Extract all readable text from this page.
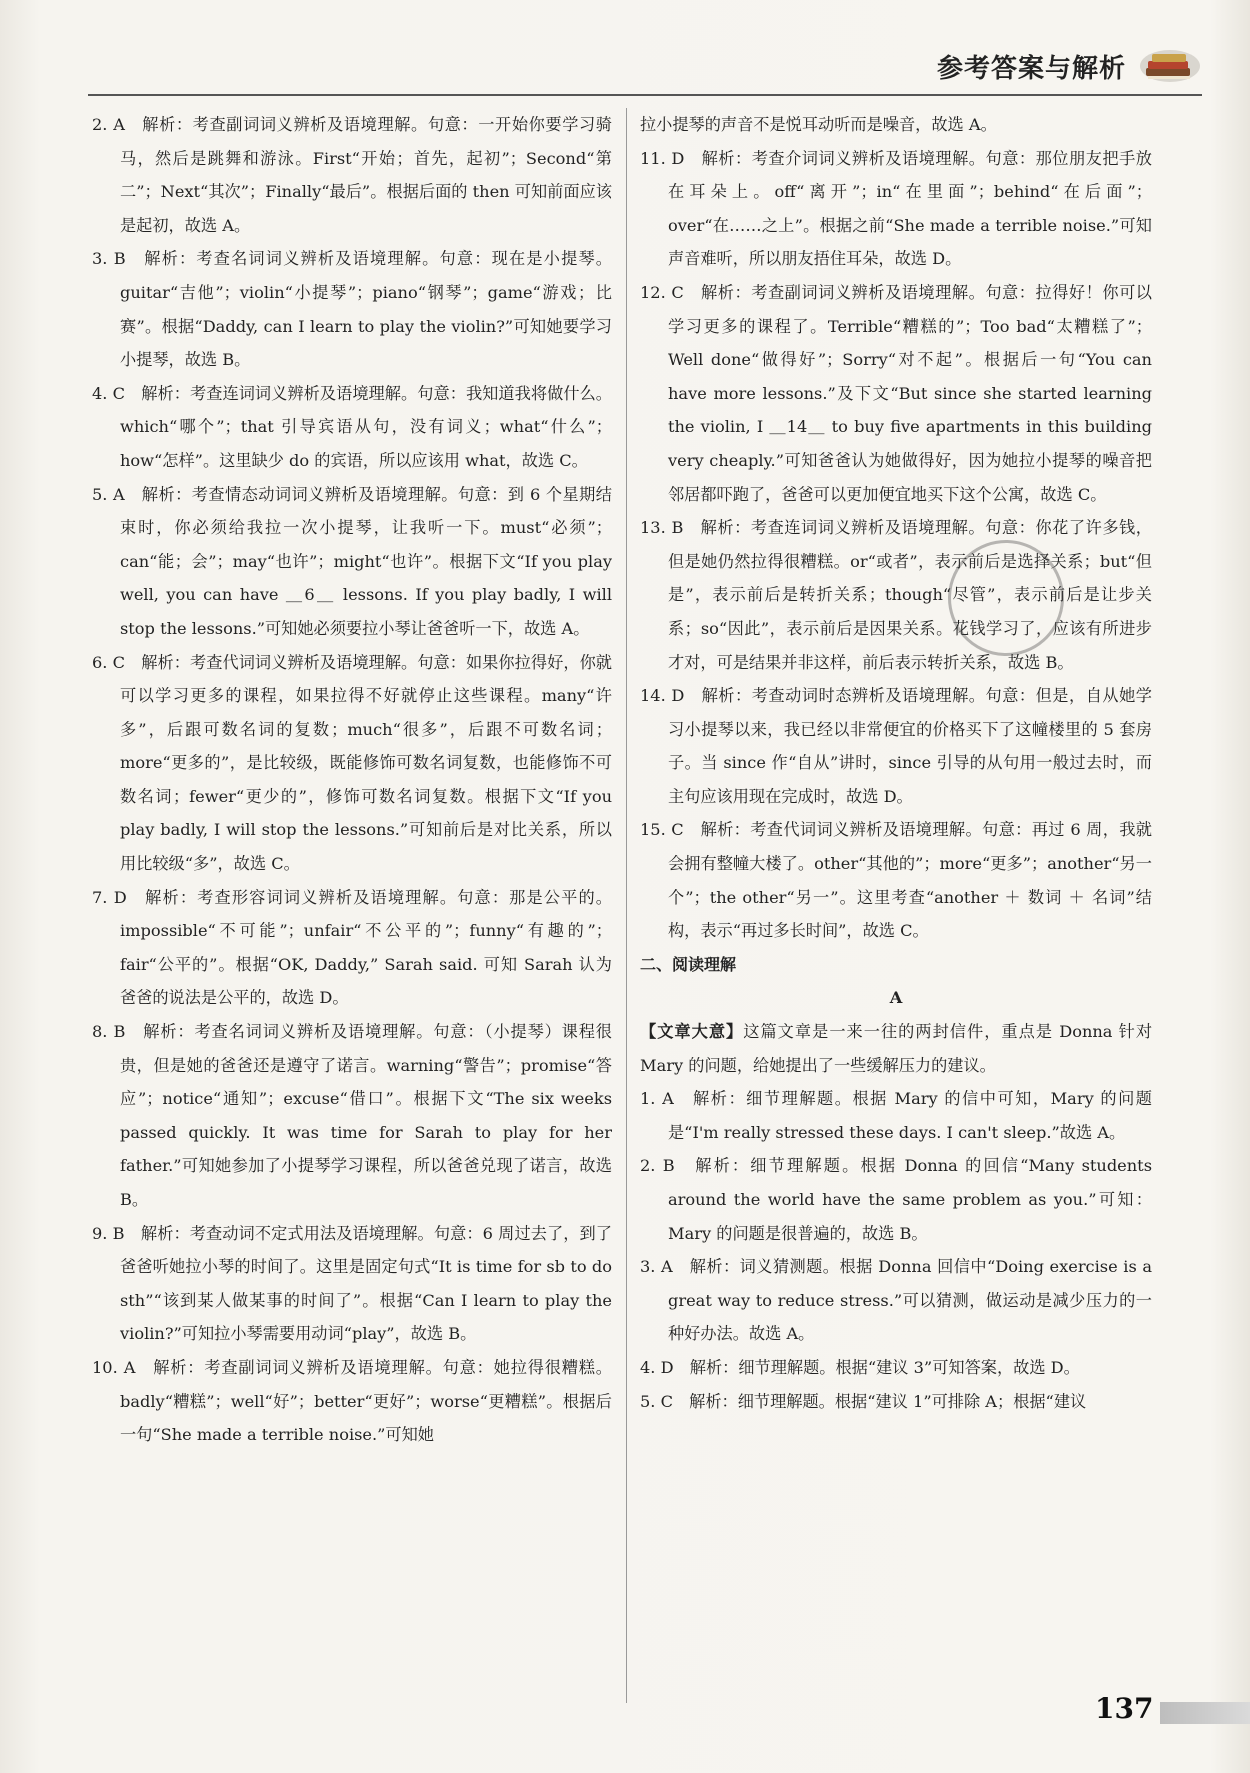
参考答案与解析

2. A　解析：考查副词词义辨析及语境理解。句意：一开始你要学习骑马，然后是跳舞和游泳。First“开始；首先，起初”；Second“第二”；Next“其次”；Finally“最后”。根据后面的 then 可知前面应该是起初，故选 A。

3. B　解析：考查名词词义辨析及语境理解。句意：现在是小提琴。guitar“吉他”；violin“小提琴”；piano“钢琴”；game“游戏；比赛”。根据“Daddy, can I learn to play the violin?”可知她要学习小提琴，故选 B。

4. C　解析：考查连词词义辨析及语境理解。句意：我知道我将做什么。which“哪个”；that 引导宾语从句，没有词义；what“什么”；how“怎样”。这里缺少 do 的宾语，所以应该用 what，故选 C。

5. A　解析：考查情态动词词义辨析及语境理解。句意：到 6 个星期结束时，你必须给我拉一次小提琴，让我听一下。must“必须”；can“能；会”；may“也许”；might“也许”。根据下文“If you play well, you can have ＿6＿ lessons. If you play badly, I will stop the lessons.”可知她必须要拉小琴让爸爸听一下，故选 A。

6. C　解析：考查代词词义辨析及语境理解。句意：如果你拉得好，你就可以学习更多的课程，如果拉得不好就停止这些课程。many“许多”，后跟可数名词的复数；much“很多”，后跟不可数名词；more“更多的”，是比较级，既能修饰可数名词复数，也能修饰不可数名词；fewer“更少的”，修饰可数名词复数。根据下文“If you play badly, I will stop the lessons.”可知前后是对比关系，所以用比较级“多”，故选 C。

7. D　解析：考查形容词词义辨析及语境理解。句意：那是公平的。impossible“不可能”；unfair“不公平的”；funny“有趣的”；fair“公平的”。根据“OK, Daddy,” Sarah said. 可知 Sarah 认为爸爸的说法是公平的，故选 D。

8. B　解析：考查名词词义辨析及语境理解。句意：（小提琴）课程很贵，但是她的爸爸还是遵守了诺言。warning“警告”；promise“答应”；notice“通知”；excuse“借口”。根据下文“The six weeks passed quickly. It was time for Sarah to play for her father.”可知她参加了小提琴学习课程，所以爸爸兑现了诺言，故选 B。

9. B　解析：考查动词不定式用法及语境理解。句意：6 周过去了，到了爸爸听她拉小琴的时间了。这里是固定句式“It is time for sb to do sth”“该到某人做某事的时间了”。根据“Can I learn to play the violin?”可知拉小琴需要用动词“play”，故选 B。

10. A　解析：考查副词词义辨析及语境理解。句意：她拉得很糟糕。badly“糟糕”；well“好”；better“更好”；worse“更糟糕”。根据后一句“She made a terrible noise.”可知她

拉小提琴的声音不是悦耳动听而是噪音，故选 A。

11. D　解析：考查介词词义辨析及语境理解。句意：那位朋友把手放在耳朵上。off“离开”；in“在里面”；behind“在后面”；over“在……之上”。根据之前“She made a terrible noise.”可知声音难听，所以朋友捂住耳朵，故选 D。

12. C　解析：考查副词词义辨析及语境理解。句意：拉得好！你可以学习更多的课程了。Terrible“糟糕的”；Too bad“太糟糕了”；Well done“做得好”；Sorry“对不起”。根据后一句“You can have more lessons.”及下文“But since she started learning the violin, I ＿14＿ to buy five apartments in this building very cheaply.”可知爸爸认为她做得好，因为她拉小提琴的噪音把邻居都吓跑了，爸爸可以更加便宜地买下这个公寓，故选 C。

13. B　解析：考查连词词义辨析及语境理解。句意：你花了许多钱，但是她仍然拉得很糟糕。or“或者”，表示前后是选择关系；but“但是”，表示前后是转折关系；though“尽管”，表示前后是让步关系；so“因此”，表示前后是因果关系。花钱学习了，应该有所进步才对，可是结果并非这样，前后表示转折关系，故选 B。

14. D　解析：考查动词时态辨析及语境理解。句意：但是，自从她学习小提琴以来，我已经以非常便宜的价格买下了这幢楼里的 5 套房子。当 since 作“自从”讲时，since 引导的从句用一般过去时，而主句应该用现在完成时，故选 D。

15. C　解析：考查代词词义辨析及语境理解。句意：再过 6 周，我就会拥有整幢大楼了。other“其他的”；more“更多”；another“另一个”；the other“另一”。这里考查“another ＋ 数词 ＋ 名词”结构，表示“再过多长时间”，故选 C。

二、阅读理解

A

【文章大意】这篇文章是一来一往的两封信件，重点是 Donna 针对 Mary 的问题，给她提出了一些缓解压力的建议。

1. A　解析：细节理解题。根据 Mary 的信中可知，Mary 的问题是“I'm really stressed these days. I can't sleep.”故选 A。

2. B　解析：细节理解题。根据 Donna 的回信“Many students around the world have the same problem as you.”可知：Mary 的问题是很普遍的，故选 B。

3. A　解析：词义猜测题。根据 Donna 回信中“Doing exercise is a great way to reduce stress.”可以猜测，做运动是减少压力的一种好办法。故选 A。

4. D　解析：细节理解题。根据“建议 3”可知答案，故选 D。

5. C　解析：细节理解题。根据“建议 1”可排除 A；根据“建议

137
